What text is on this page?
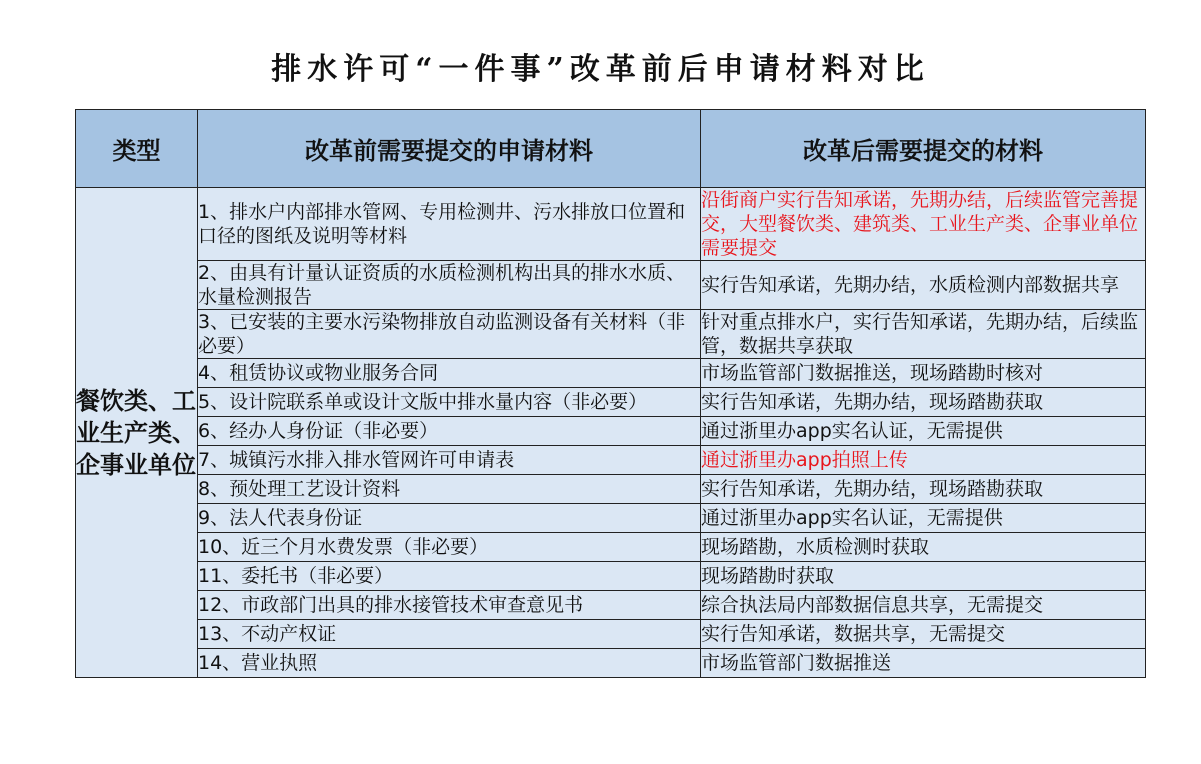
排水许可“一件事”改革前后申请材料对比
类型	改革前需要提交的申请材料	改革后需要提交的材料
餐饮类、工业生产类、企事业单位	1、排水户内部排水管网、专用检测井、污水排放口位置和口径的图纸及说明等材料	沿街商户实行告知承诺，先期办结，后续监管完善提交，大型餐饮类、建筑类、工业生产类、企事业单位需要提交
	2、由具有计量认证资质的水质检测机构出具的排水水质、水量检测报告	实行告知承诺，先期办结，水质检测内部数据共享
	3、已安装的主要水污染物排放自动监测设备有关材料（非必要）	针对重点排水户，实行告知承诺，先期办结，后续监管，数据共享获取
	4、租赁协议或物业服务合同	市场监管部门数据推送，现场踏勘时核对
	5、设计院联系单或设计文版中排水量内容（非必要）	实行告知承诺，先期办结，现场踏勘获取
	6、经办人身份证（非必要）	通过浙里办app实名认证，无需提供
	7、城镇污水排入排水管网许可申请表	通过浙里办app拍照上传
	8、预处理工艺设计资料	实行告知承诺，先期办结，现场踏勘获取
	9、法人代表身份证	通过浙里办app实名认证，无需提供
	10、近三个月水费发票（非必要）	现场踏勘，水质检测时获取
	11、委托书（非必要）	现场踏勘时获取
	12、市政部门出具的排水接管技术审查意见书	综合执法局内部数据信息共享，无需提交
	13、不动产权证	实行告知承诺，数据共享，无需提交
	14、营业执照	市场监管部门数据推送
